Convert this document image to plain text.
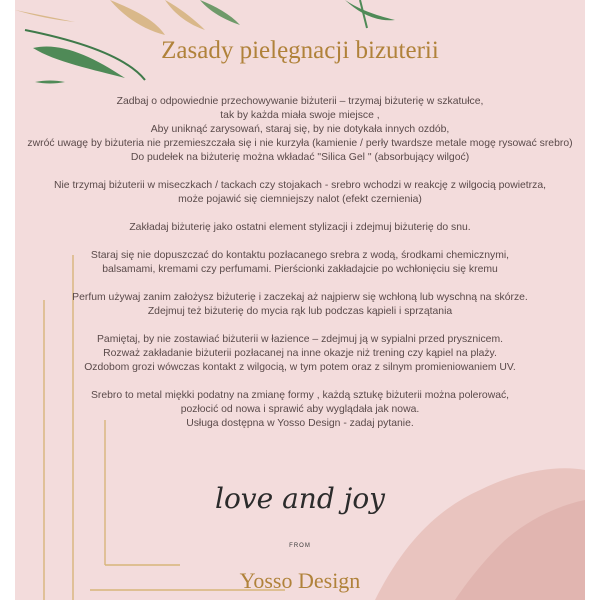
Zasady pielęgnacji bizuterii

Zadbaj o odpowiednie przechowywanie biżuterii – trzymaj biżuterię w szkatułce,
tak by każda miała swoje miejsce ,
Aby uniknąć zarysowań, staraj się, by nie dotykała innych ozdób,
zwróć uwagę by biżuteria nie przemieszczała się i nie kurzyła (kamienie / perły twardsze metale mogę rysować srebro)
Do pudełek na biżuterię można wkładać "Silica Gel " (absorbujący wilgoć)

Nie trzymaj biżuterii w miseczkach / tackach czy stojakach - srebro wchodzi w reakcję z wilgocią powietrza,
może pojawić się ciemniejszy nalot (efekt czernienia)

Zakładaj biżuterię jako ostatni element stylizacji i zdejmuj biżuterię do snu.

Staraj się nie dopuszczać do kontaktu pozłacanego srebra z wodą, środkami chemicznymi,
balsamami, kremami czy perfumami. Pierścionki zakładajcie po wchłonięciu się kremu

Perfum używaj zanim założysz biżuterię i zaczekaj aż najpierw się wchłoną lub wyschną na skórze.
Zdejmuj też biżuterię do mycia rąk lub podczas kąpieli i sprzątania

Pamiętaj, by nie zostawiać biżuterii w łazience – zdejmuj ją w sypialni przed prysznicem.
Rozważ zakładanie biżuterii pozłacanej na inne okazje niż trening czy kąpiel na plaży.
Ozdobom grozi wówczas kontakt z wilgocią, w tym potem oraz z silnym promieniowaniem UV.

Srebro to metal miękki podatny na zmianę formy , każdą sztukę biżuterii można polerować,
pozłocić od nowa i sprawić aby wyglądała jak nowa.
Usługa dostępna w Yosso Design - zadaj pytanie.

love and joy
FROM
Yosso Design
